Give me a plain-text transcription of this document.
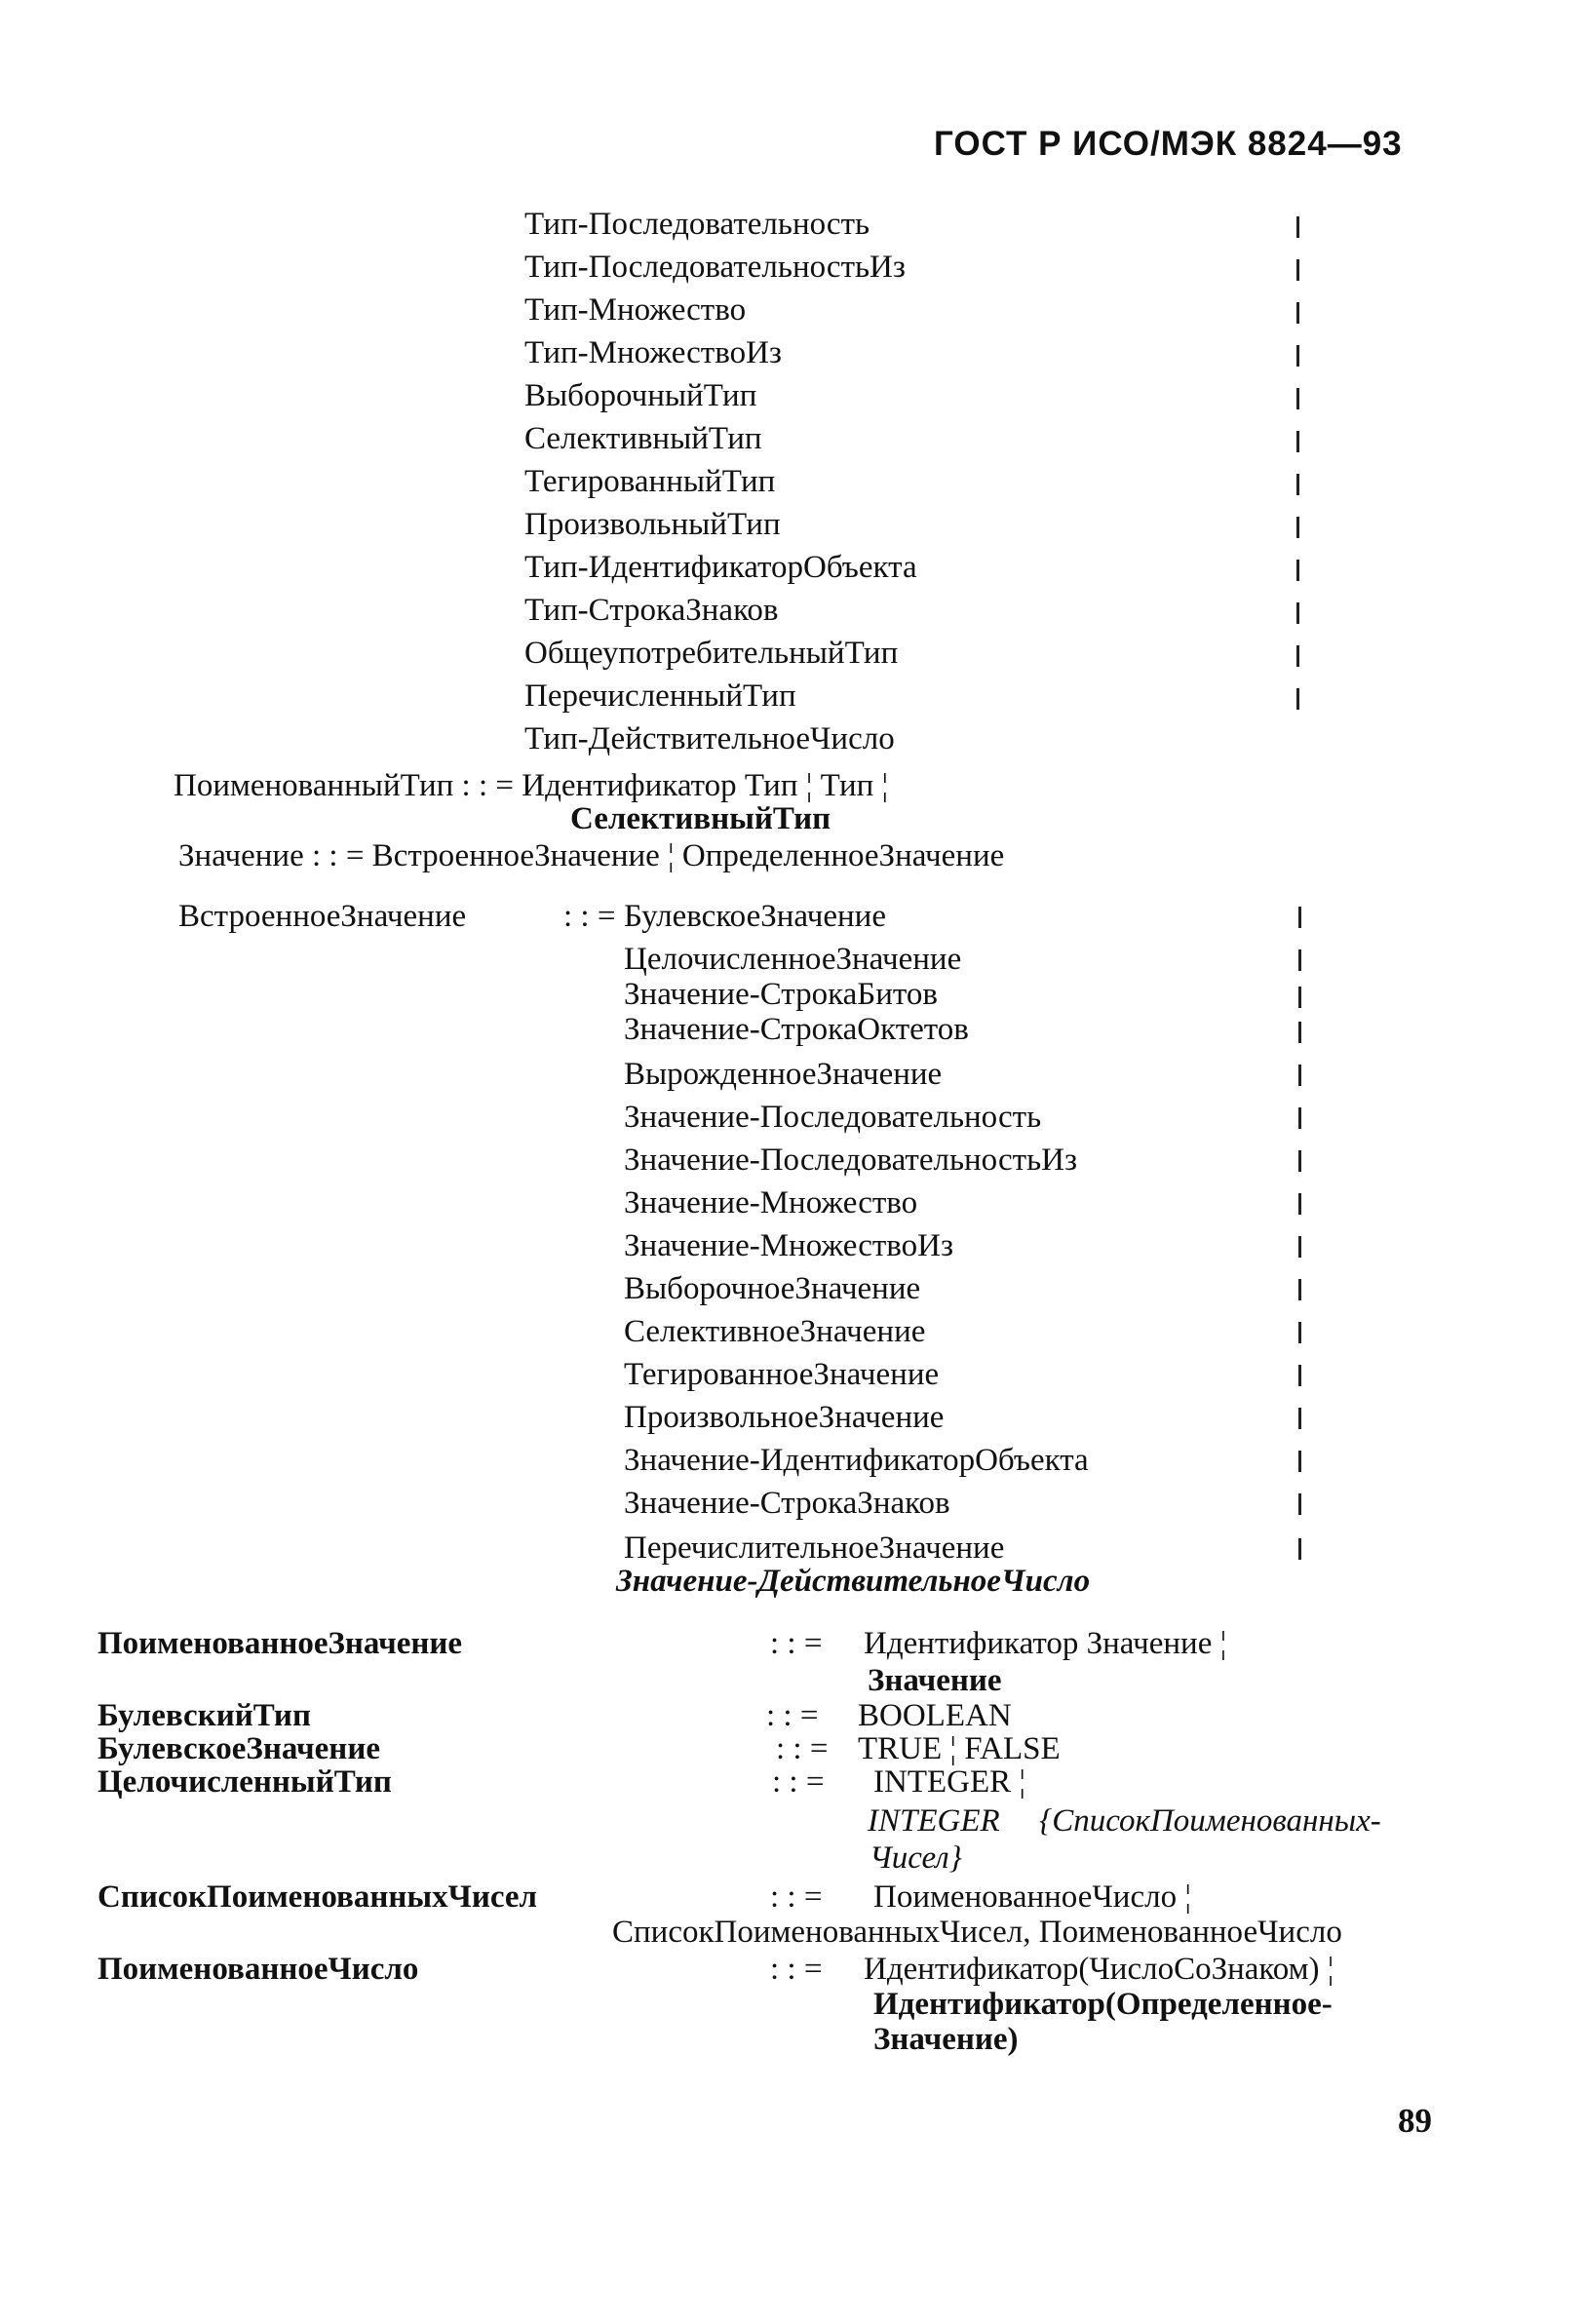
ГОСТ Р ИСО/МЭК 8824—93
Тип-Последовательность
Тип-ПоследовательностьИз
Тип-Множество
Тип-МножествоИз
ВыборочныйТип
СелективныйТип
ТегированныйТип
ПроизвольныйТип
Тип-ИдентификаторОбъекта
Тип-СтрокаЗнаков
ОбщеупотребительныйТип
ПеречисленныйТип
Тип-ДействительноеЧисло
ПоименованныйТип : : = Идентификатор Тип ¦ Тип ¦
СелективныйТип
Значение : : = ВстроенноеЗначение ¦ ОпределенноеЗначение
ВстроенноеЗначение	: : = БулевскоеЗначение
ЦелочисленноеЗначение
Значение-СтрокаБитов
Значение-СтрокаОктетов
ВырожденноеЗначение
Значение-Последовательность
Значение-ПоследовательностьИз
Значение-Множество
Значение-МножествоИз
ВыборочноеЗначение
СелективноеЗначение
ТегированноеЗначение
ПроизвольноеЗначение
Значение-ИдентификаторОбъекта
Значение-СтрокаЗнаков
ПеречислительноеЗначение
Значение-ДействительноеЧисло
ПоименованноеЗначение	: : = Идентификатор Значение ¦
Значение
БулевскийТип	: : = BOOLEAN
БулевскоеЗначение	: : = TRUE ¦ FALSE
ЦелочисленныйТип	: : = INTEGER ¦
INTEGER {СписокПоименованных-
Чисел}
СписокПоименованныхЧисел	: : = ПоименованноеЧисло ¦
СписокПоименованныхЧисел, ПоименованноеЧисло
ПоименованноеЧисло	: : = Идентификатор(ЧислоСоЗнаком) ¦
Идентификатор(Определенное-
Значение)
89
